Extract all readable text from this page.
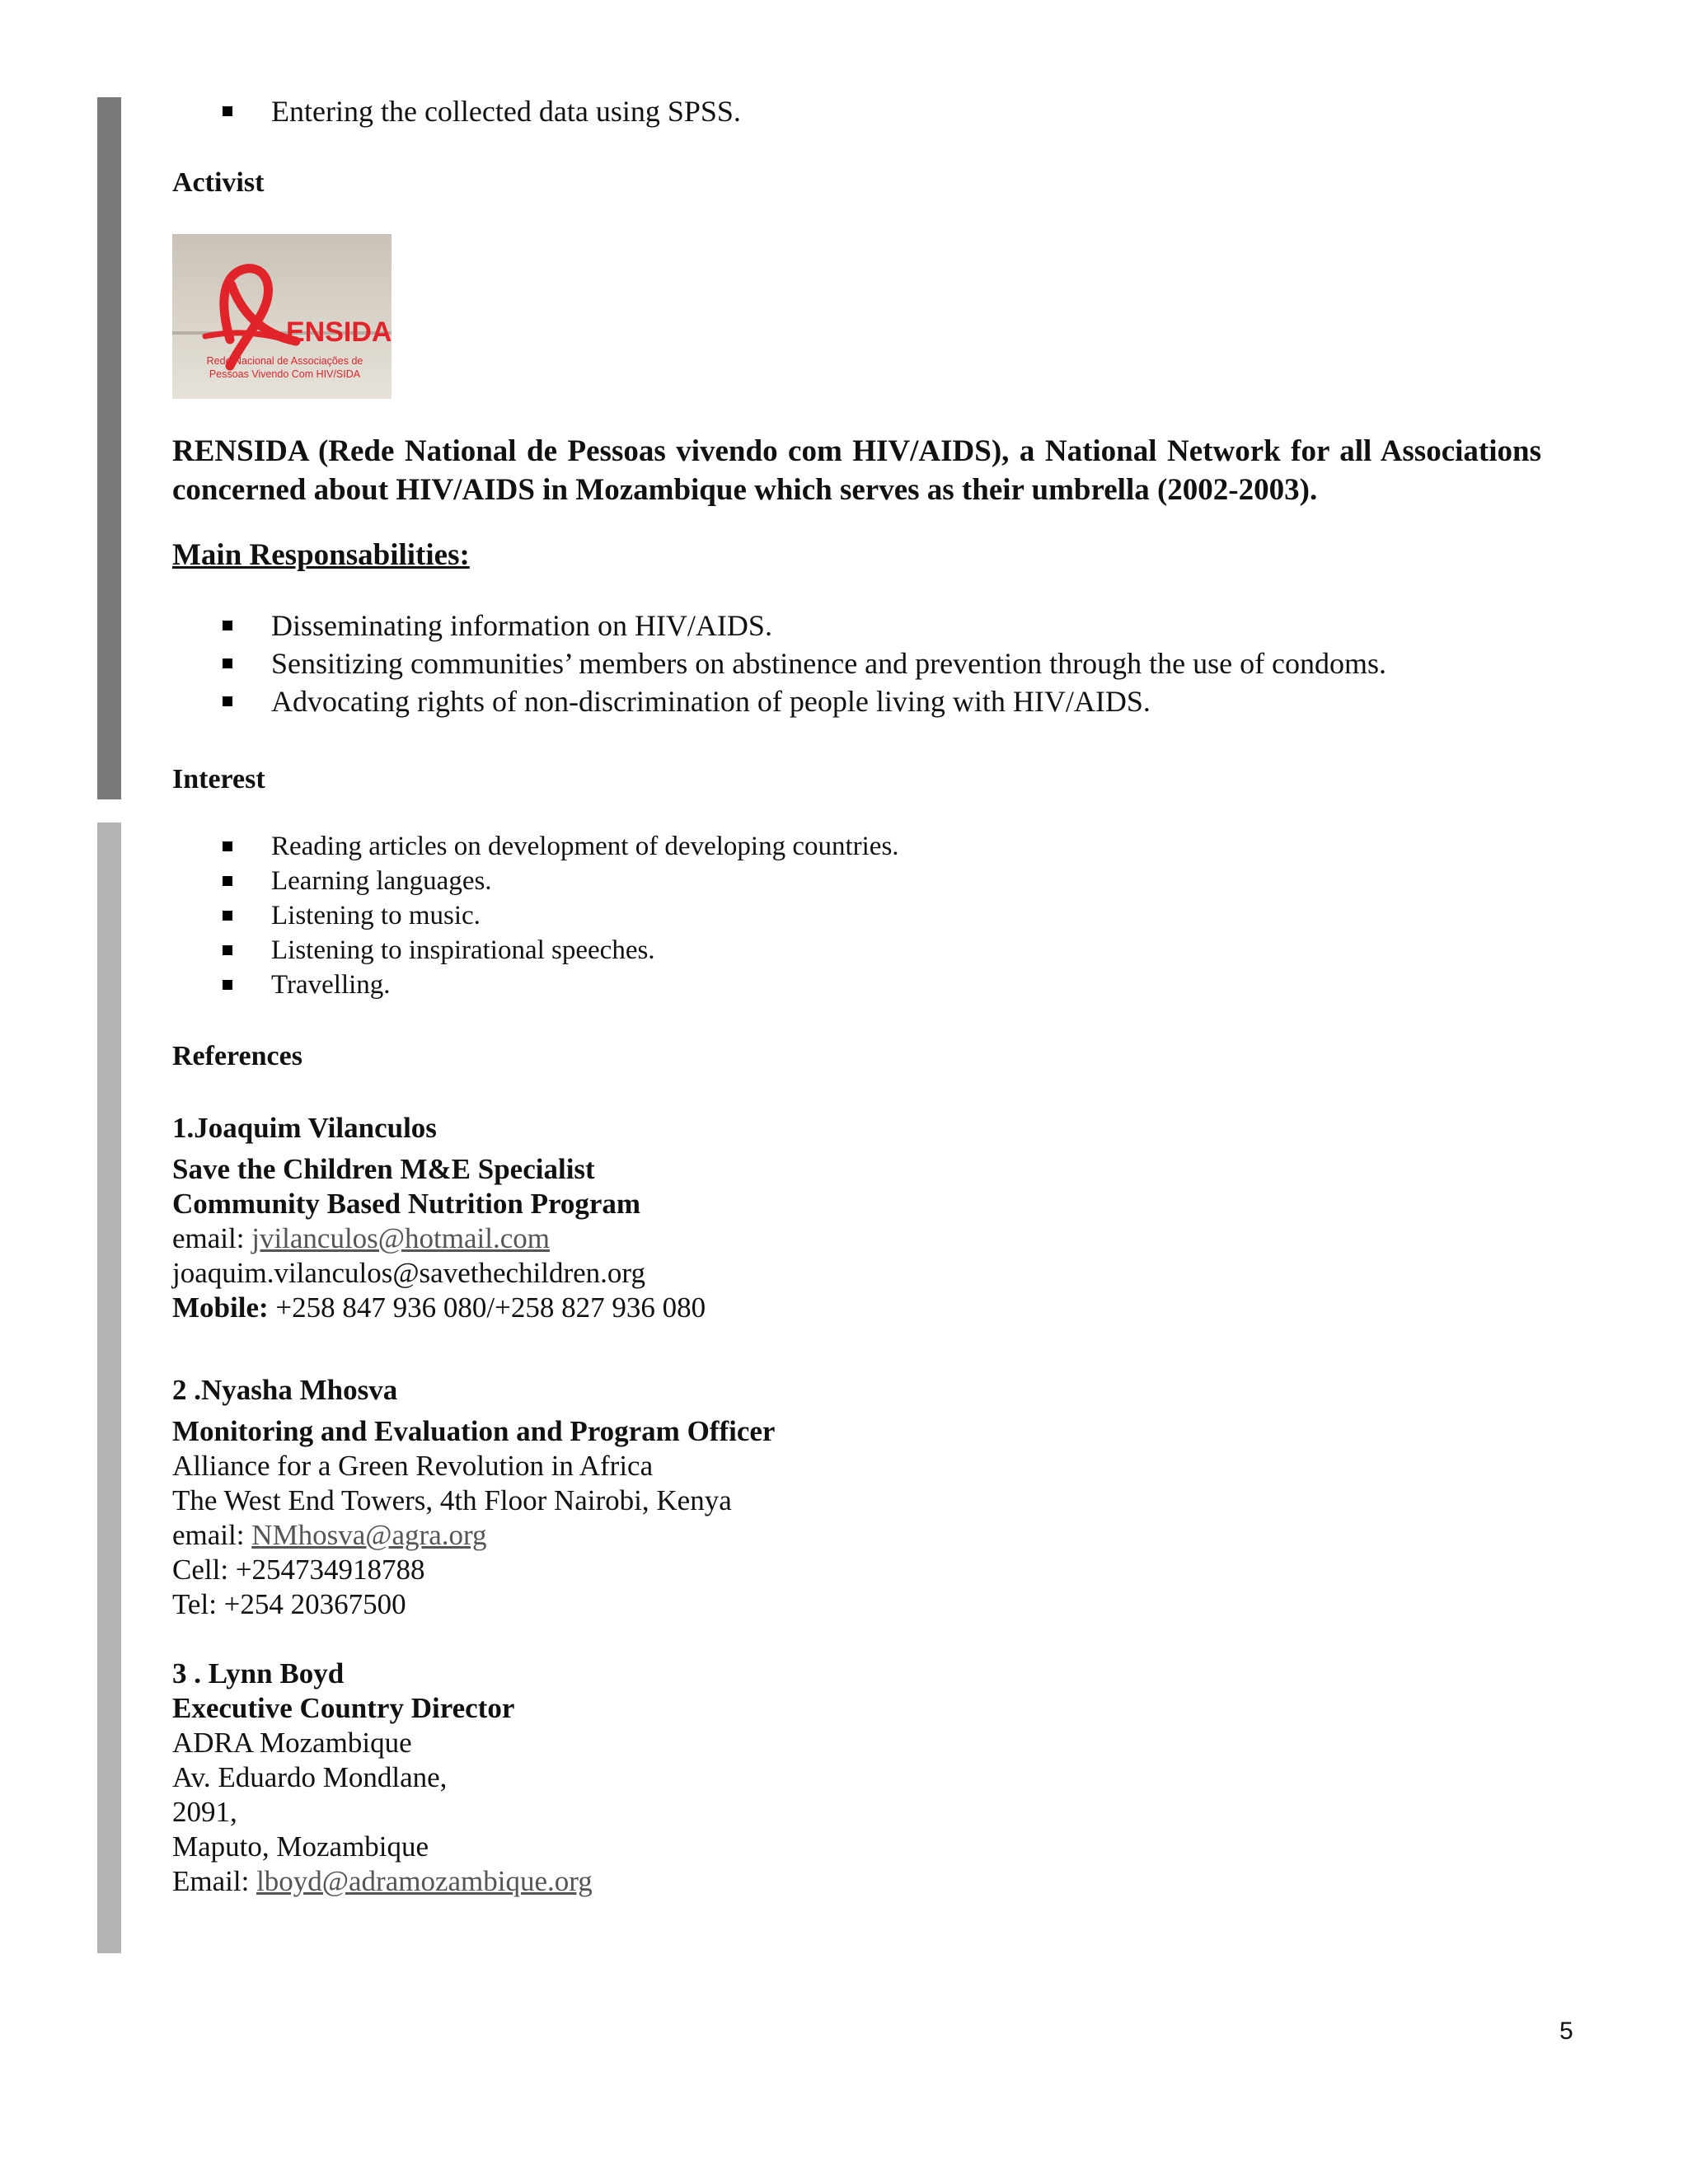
Entering the collected data using SPSS.
Activist
ENSIDA
Rede Nacional de Associações de
Pessoas Vivendo Com HIV/SIDA

RENSIDA (Rede National de Pessoas vivendo com HIV/AIDS), a National Network for all Associations concerned about HIV/AIDS in Mozambique which serves as their umbrella (2002-2003).

Main Responsabilities:

Disseminating information on HIV/AIDS.
Sensitizing communities’ members on abstinence and prevention through the use of condoms.
Advocating rights of non-discrimination of people living with HIV/AIDS.
Interest
Reading articles on development of developing countries.
Learning languages.
Listening to music.
Listening to inspirational speeches.
Travelling.
References
1.Joaquim Vilanculos
Save the Children M&E Specialist
Community Based Nutrition Program
email: jvilanculos@hotmail.com
joaquim.vilanculos@savethechildren.org
Mobile: +258 847 936 080/+258 827 936 080
2 .Nyasha Mhosva
Monitoring and Evaluation and Program Officer
Alliance for a Green Revolution in Africa
The West End Towers, 4th Floor Nairobi, Kenya
email: NMhosva@agra.org
Cell: +254734918788
Tel: +254 20367500
3 . Lynn Boyd
Executive Country Director
ADRA Mozambique
Av. Eduardo Mondlane,
2091,
Maputo, Mozambique
Email: lboyd@adramozambique.org
5
